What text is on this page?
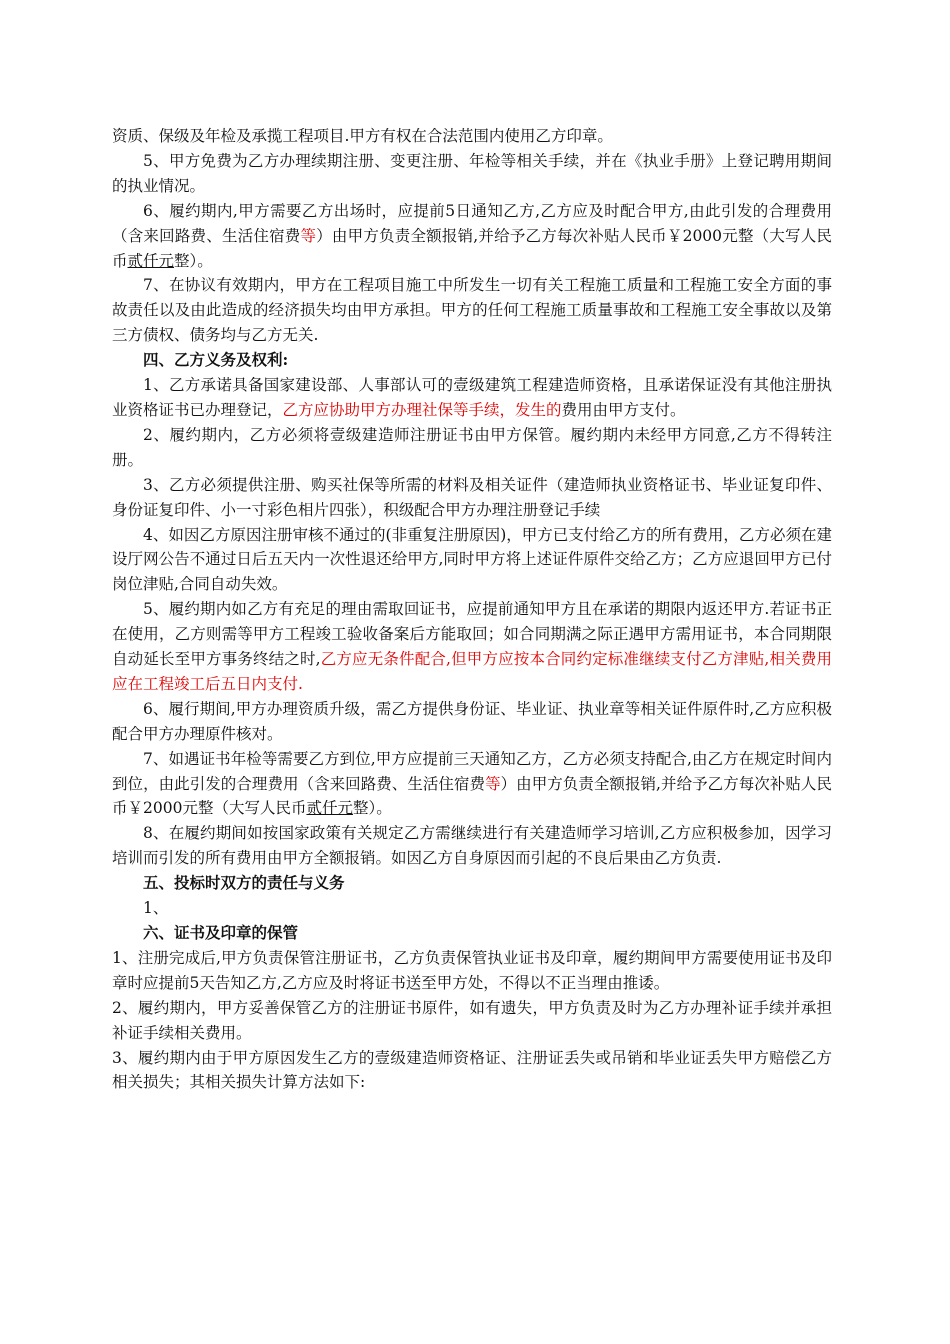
资质、保级及年检及承揽工程项目.甲方有权在合法范围内使用乙方印章。

5、甲方免费为乙方办理续期注册、变更注册、年检等相关手续，并在《执业手册》上登记聘用期间的执业情况。

6、履约期内,甲方需要乙方出场时，应提前5日通知乙方,乙方应及时配合甲方,由此引发的合理费用（含来回路费、生活住宿费等）由甲方负责全额报销,并给予乙方每次补贴人民币￥2000元整（大写人民币贰仟元整）。

7、在协议有效期内，甲方在工程项目施工中所发生一切有关工程施工质量和工程施工安全方面的事故责任以及由此造成的经济损失均由甲方承担。甲方的任何工程施工质量事故和工程施工安全事故以及第三方债权、债务均与乙方无关.

四、乙方义务及权利:

1、乙方承诺具备国家建设部、人事部认可的壹级建筑工程建造师资格，且承诺保证没有其他注册执业资格证书已办理登记，乙方应协助甲方办理社保等手续，发生的费用由甲方支付。

2、履约期内，乙方必须将壹级建造师注册证书由甲方保管。履约期内未经甲方同意,乙方不得转注册。

3、乙方必须提供注册、购买社保等所需的材料及相关证件（建造师执业资格证书、毕业证复印件、身份证复印件、小一寸彩色相片四张），积级配合甲方办理注册登记手续

4、如因乙方原因注册审核不通过的(非重复注册原因)，甲方已支付给乙方的所有费用，乙方必须在建设厅网公告不通过日后五天内一次性退还给甲方,同时甲方将上述证件原件交给乙方；乙方应退回甲方已付岗位津贴,合同自动失效。

5、履约期内如乙方有充足的理由需取回证书，应提前通知甲方且在承诺的期限内返还甲方.若证书正在使用，乙方则需等甲方工程竣工验收备案后方能取回；如合同期满之际正遇甲方需用证书，本合同期限自动延长至甲方事务终结之时,乙方应无条件配合,但甲方应按本合同约定标准继续支付乙方津贴,相关费用应在工程竣工后五日内支付.

6、履行期间,甲方办理资质升级，需乙方提供身份证、毕业证、执业章等相关证件原件时,乙方应积极配合甲方办理原件核对。

7、如遇证书年检等需要乙方到位,甲方应提前三天通知乙方，乙方必须支持配合,由乙方在规定时间内到位，由此引发的合理费用（含来回路费、生活住宿费等）由甲方负责全额报销,并给予乙方每次补贴人民币￥2000元整（大写人民币贰仟元整）。

8、在履约期间如按国家政策有关规定乙方需继续进行有关建造师学习培训,乙方应积极参加，因学习培训而引发的所有费用由甲方全额报销。如因乙方自身原因而引起的不良后果由乙方负责.

五、投标时双方的责任与义务

1、

六、证书及印章的保管

1、注册完成后,甲方负责保管注册证书，乙方负责保管执业证书及印章，履约期间甲方需要使用证书及印章时应提前5天告知乙方,乙方应及时将证书送至甲方处，不得以不正当理由推诿。

2、履约期内，甲方妥善保管乙方的注册证书原件，如有遗失，甲方负责及时为乙方办理补证手续并承担补证手续相关费用。

3、履约期内由于甲方原因发生乙方的壹级建造师资格证、注册证丢失或吊销和毕业证丢失甲方赔偿乙方相关损失；其相关损失计算方法如下:
